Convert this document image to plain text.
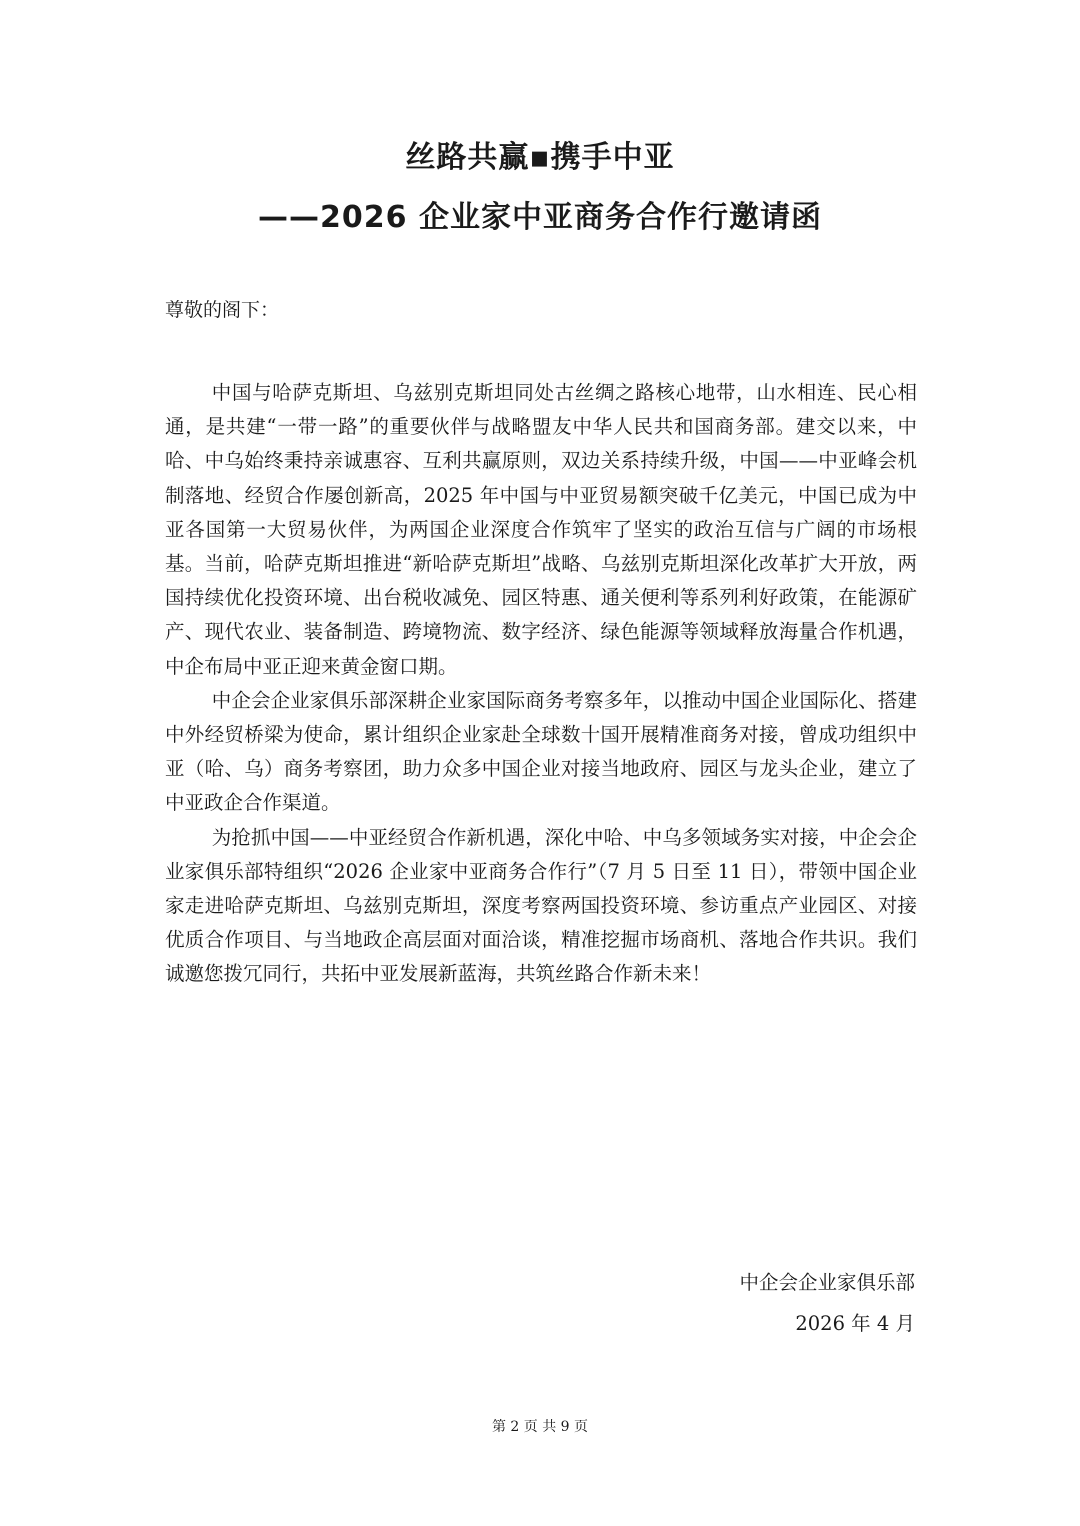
丝路共赢▪携手中亚
——2026 企业家中亚商务合作行邀请函
尊敬的阁下：

中国与哈萨克斯坦、乌兹别克斯坦同处古丝绸之路核心地带，山水相连、民心相通，是共建“一带一路”的重要伙伴与战略盟友中华人民共和国商务部。建交以来，中哈、中乌始终秉持亲诚惠容、互利共赢原则，双边关系持续升级，中国——中亚峰会机制落地、经贸合作屡创新高，2025 年中国与中亚贸易额突破千亿美元，中国已成为中亚各国第一大贸易伙伴，为两国企业深度合作筑牢了坚实的政治互信与广阔的市场根基。当前，哈萨克斯坦推进“新哈萨克斯坦”战略、乌兹别克斯坦深化改革扩大开放，两国持续优化投资环境、出台税收减免、园区特惠、通关便利等系列利好政策，在能源矿产、现代农业、装备制造、跨境物流、数字经济、绿色能源等领域释放海量合作机遇，中企布局中亚正迎来黄金窗口期。

中企会企业家俱乐部深耕企业家国际商务考察多年，以推动中国企业国际化、搭建中外经贸桥梁为使命，累计组织企业家赴全球数十国开展精准商务对接，曾成功组织中亚（哈、乌）商务考察团，助力众多中国企业对接当地政府、园区与龙头企业，建立了中亚政企合作渠道。

为抢抓中国——中亚经贸合作新机遇，深化中哈、中乌多领域务实对接，中企会企业家俱乐部特组织“2026 企业家中亚商务合作行”（7 月 5 日至 11 日），带领中国企业家走进哈萨克斯坦、乌兹别克斯坦，深度考察两国投资环境、参访重点产业园区、对接优质合作项目、与当地政企高层面对面洽谈，精准挖掘市场商机、落地合作共识。我们诚邀您拨冗同行，共拓中亚发展新蓝海，共筑丝路合作新未来！

中企会企业家俱乐部
2026 年 4 月
第 2 页 共 9 页
